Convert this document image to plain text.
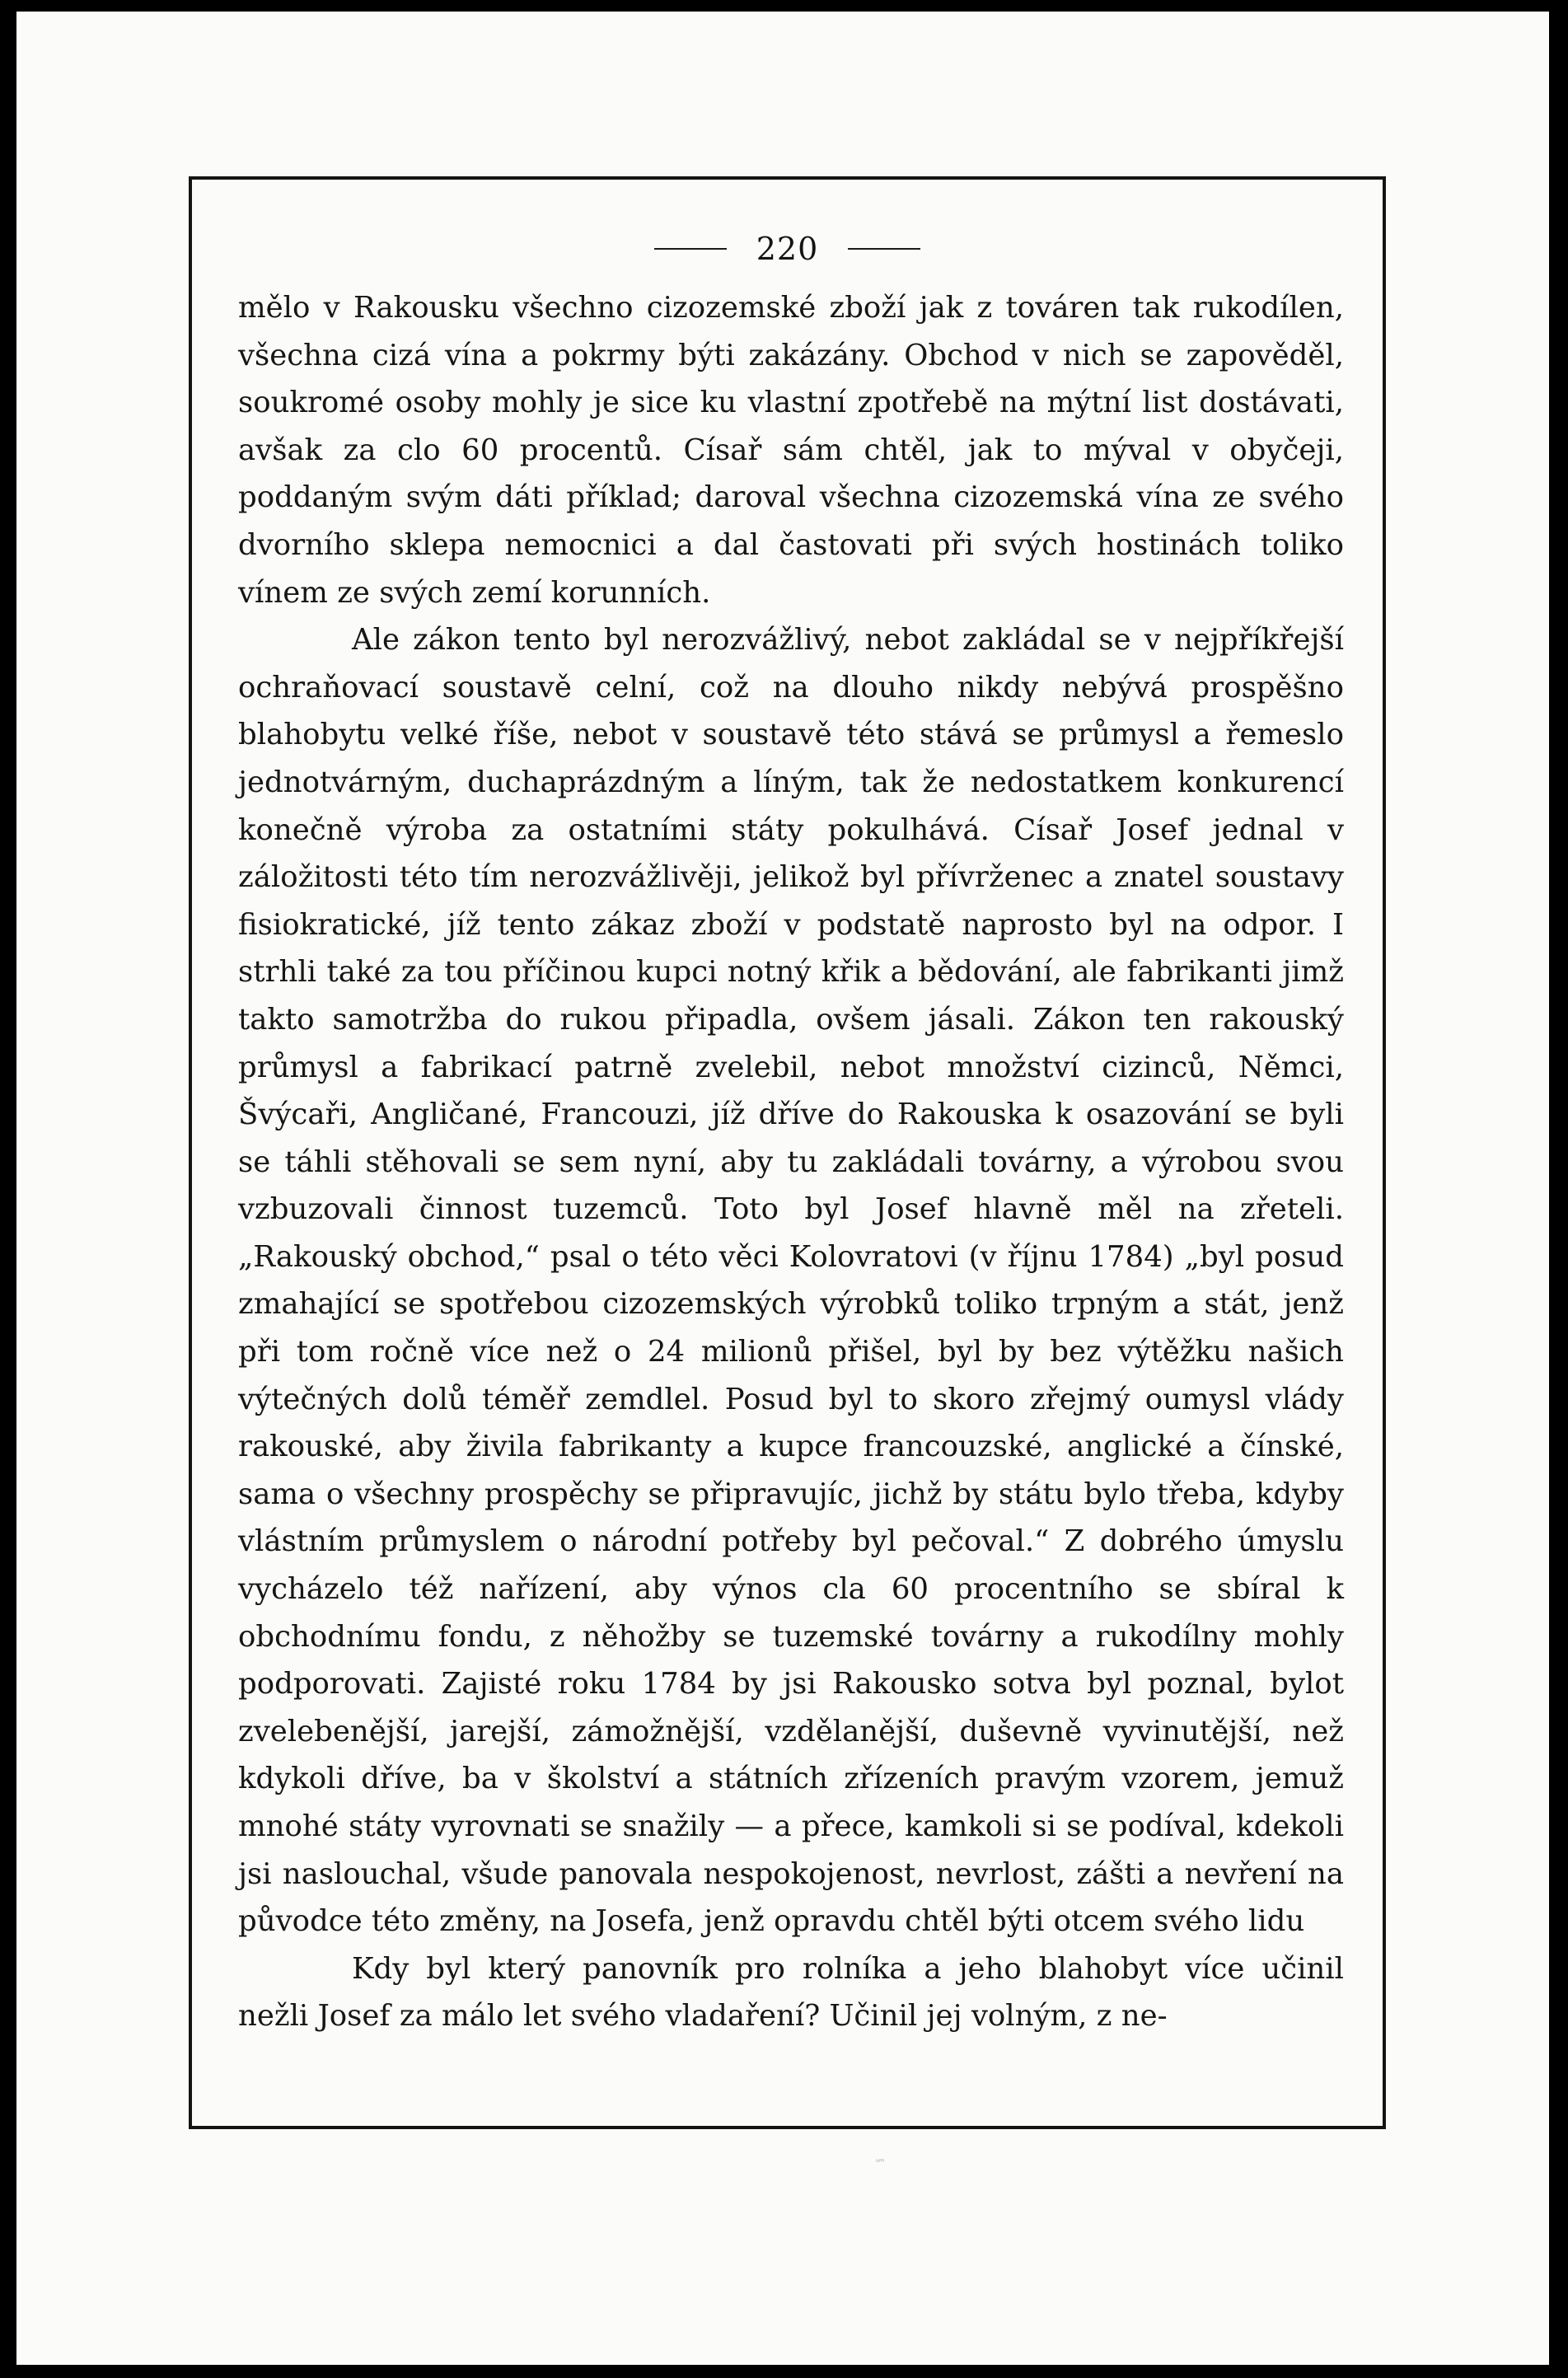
220

mělo v Rakousku všechno cizozemské zboží jak z továren tak rukodílen, všechna cizá vína a pokrmy býti zakázány. Obchod v nich se zapověděl, soukromé osoby mohly je sice ku vlastní zpotřebě na mýtní list dostávati, avšak za clo 60 procentů. Císař sám chtěl, jak to mýval v obyčeji, poddaným svým dáti příklad; daroval všechna cizozemská vína ze svého dvorního sklepa nemocnici a dal častovati při svých hostinách toliko vínem ze svých zemí korunních.

Ale zákon tento byl nerozvážlivý, nebot zakládal se v nejpříkřejší ochraňovací soustavě celní, což na dlouho nikdy nebývá prospěšno blahobytu velké říše, nebot v soustavě této stává se průmysl a řemeslo jednotvárným, duchaprázdným a líným, tak že nedostatkem konkurencí konečně výroba za ostatními státy pokulhává. Císař Josef jednal v záložitosti této tím nerozvážlivěji, jelikož byl přívrženec a znatel soustavy fisiokratické, jíž tento zákaz zboží v podstatě naprosto byl na odpor. I strhli také za tou příčinou kupci notný křik a bědování, ale fabrikanti jimž takto samotržba do rukou připadla, ovšem jásali. Zákon ten rakouský průmysl a fabrikací patrně zvelebil, nebot množství cizinců, Němci, Švýcaři, Angličané, Francouzi, jíž dříve do Rakouska k osazování se byli se táhli stěhovali se sem nyní, aby tu zakládali továrny, a výrobou svou vzbuzovali činnost tuzemců. Toto byl Josef hlavně měl na zřeteli. „Rakouský obchod,“ psal o této věci Kolovratovi (v říjnu 1784) „byl posud zmahající se spotřebou cizozemských výrobků toliko trpným a stát, jenž při tom ročně více než o 24 milionů přišel, byl by bez výtěžku našich výtečných dolů téměř zemdlel. Posud byl to skoro zřejmý oumysl vlády rakouské, aby živila fabrikanty a kupce francouzské, anglické a čínské, sama o všechny prospěchy se připravujíc, jichž by státu bylo třeba, kdyby vlástním průmyslem o národní potřeby byl pečoval.“ Z dobrého úmyslu vycházelo též nařízení, aby výnos cla 60 procentního se sbíral k obchodnímu fondu, z něhožby se tuzemské továrny a rukodílny mohly podporovati. Zajisté roku 1784 by jsi Rakousko sotva byl poznal, bylot zvelebenější, jarejší, zámožnější, vzdělanější, duševně vyvinutější, než kdykoli dříve, ba v školství a státních zřízeních pravým vzorem, jemuž mnohé státy vyrovnati se snažily — a přece, kamkoli si se podíval, kdekoli jsi naslouchal, všude panovala nespokojenost, nevrlost, zášti a nevření na původce této změny, na Josefa, jenž opravdu chtěl býti otcem svého lidu

Kdy byl který panovník pro rolníka a jeho blahobyt více učinil nežli Josef za málo let svého vladaření? Učinil jej volným, z ne-

ᵘᵐ
